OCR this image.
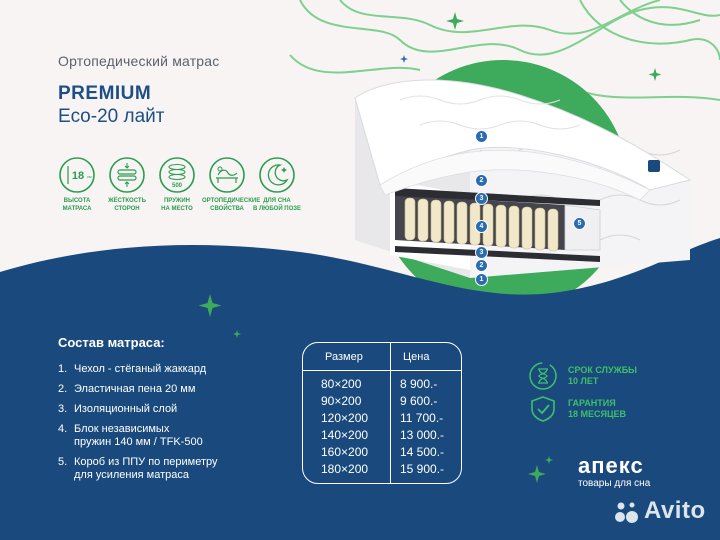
1
2
3
4	5
3
2
1
Ортопедический матрас
PREMIUM
Eco-20 лайт
18 см
ВЫСОТА
МАТРАСА
ЖЁСТКОСТЬ
СТОРОН
500
ПРУЖИН
НА МЕСТО
ОРТОПЕДИЧЕСКИЕ
СВОЙСТВА
ДЛЯ СНА
В ЛЮБОЙ ПОЗЕ
Состав матраса:
1. Чехол - стёганый жаккард
2. Эластичная пена 20 мм
3. Изоляционный слой
4. Блок независимых
пружин 140 мм / TFK-500
5. Короб из ППУ по периметру
для усиления матраса
Размер	Цена
80×200	8 900.-
90×200	9 600.-
120×200	11 700.-
140×200	13 000.-
160×200	14 500.-
180×200	15 900.-
СРОК СЛУЖБЫ
10 ЛЕТ
ГАРАНТИЯ
18 МЕСЯЦЕВ
апекс
товары для сна
Avito
